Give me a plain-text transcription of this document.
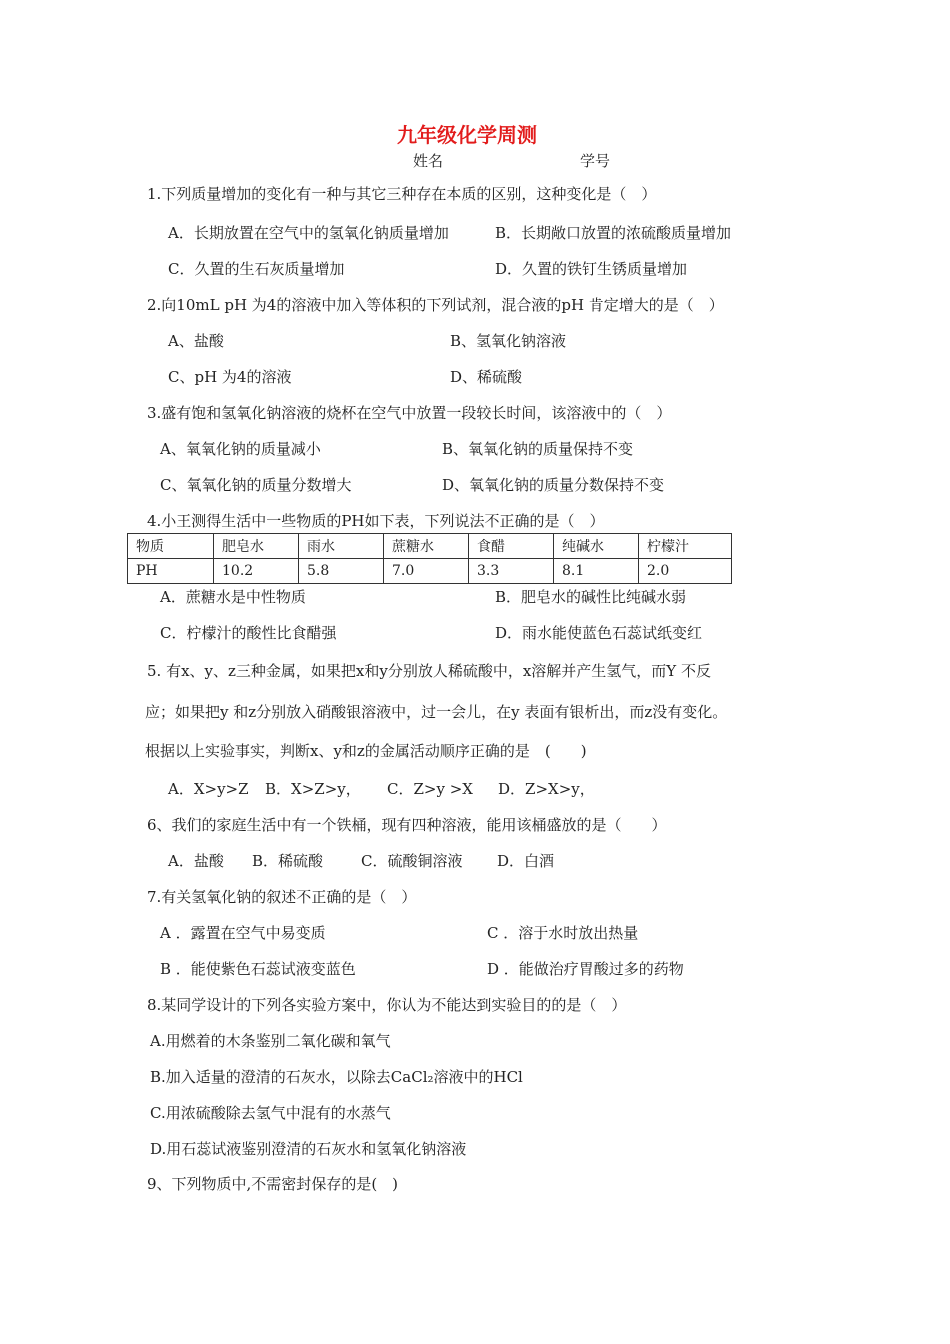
九年级化学周测
姓名	学号
1.下列质量增加的变化有一种与其它三种存在本质的区别，这种变化是（　）
A．长期放置在空气中的氢氧化钠质量增加	B．长期敞口放置的浓硫酸质量增加
C．久置的生石灰质量增加	D．久置的铁钉生锈质量增加
2.向10mL pH 为4的溶液中加入等体积的下列试剂，混合液的pH 肯定增大的是（　）
A、盐酸	B、氢氧化钠溶液
C、pH 为4的溶液	D、稀硫酸
3.盛有饱和氢氧化钠溶液的烧杯在空气中放置一段较长时间，该溶液中的（　）
A、氧氧化钠的质量减小	B、氧氧化钠的质量保持不变
C、氧氧化钠的质量分数增大	D、氧氧化钠的质量分数保持不变
4.小王测得生活中一些物质的PH如下表，下列说法不正确的是（　）
物质	肥皂水	雨水	蔗糖水	食醋	纯碱水	柠檬汁
PH	10.2	5.8	7.0	3.3	8.1	2.0
A．蔗糖水是中性物质	B．肥皂水的碱性比纯碱水弱
C．柠檬汁的酸性比食醋强	D．雨水能使蓝色石蕊试纸变红
5. 有x、y、z三种金属，如果把x和y分别放人稀硫酸中，x溶解并产生氢气，而Y 不反
应；如果把y 和z分别放入硝酸银溶液中，过一会儿，在y 表面有银析出，而z没有变化。
根据以上实验事实，判断x、y和z的金属活动顺序正确的是　(　　)
A．X>y>Z B．X>Z>y， C．Z>y >X D．Z>X>y，
6、我们的家庭生活中有一个铁桶，现有四种溶液，能用该桶盛放的是（　　）
A．盐酸 B．稀硫酸	C．硫酸铜溶液 D．白酒
7.有关氢氧化钠的叙述不正确的是（　）
A ．露置在空气中易变质	C ．溶于水时放出热量
B ．能使紫色石蕊试液变蓝色	D ．能做治疗胃酸过多的药物
8.某同学设计的下列各实验方案中，你认为不能达到实验目的的是（　）
A.用燃着的木条鉴别二氧化碳和氧气
B.加入适量的澄清的石灰水，以除去CaCl₂溶液中的HCl
C.用浓硫酸除去氢气中混有的水蒸气
D.用石蕊试液鉴别澄清的石灰水和氢氧化钠溶液
9、下列物质中,不需密封保存的是(　)
